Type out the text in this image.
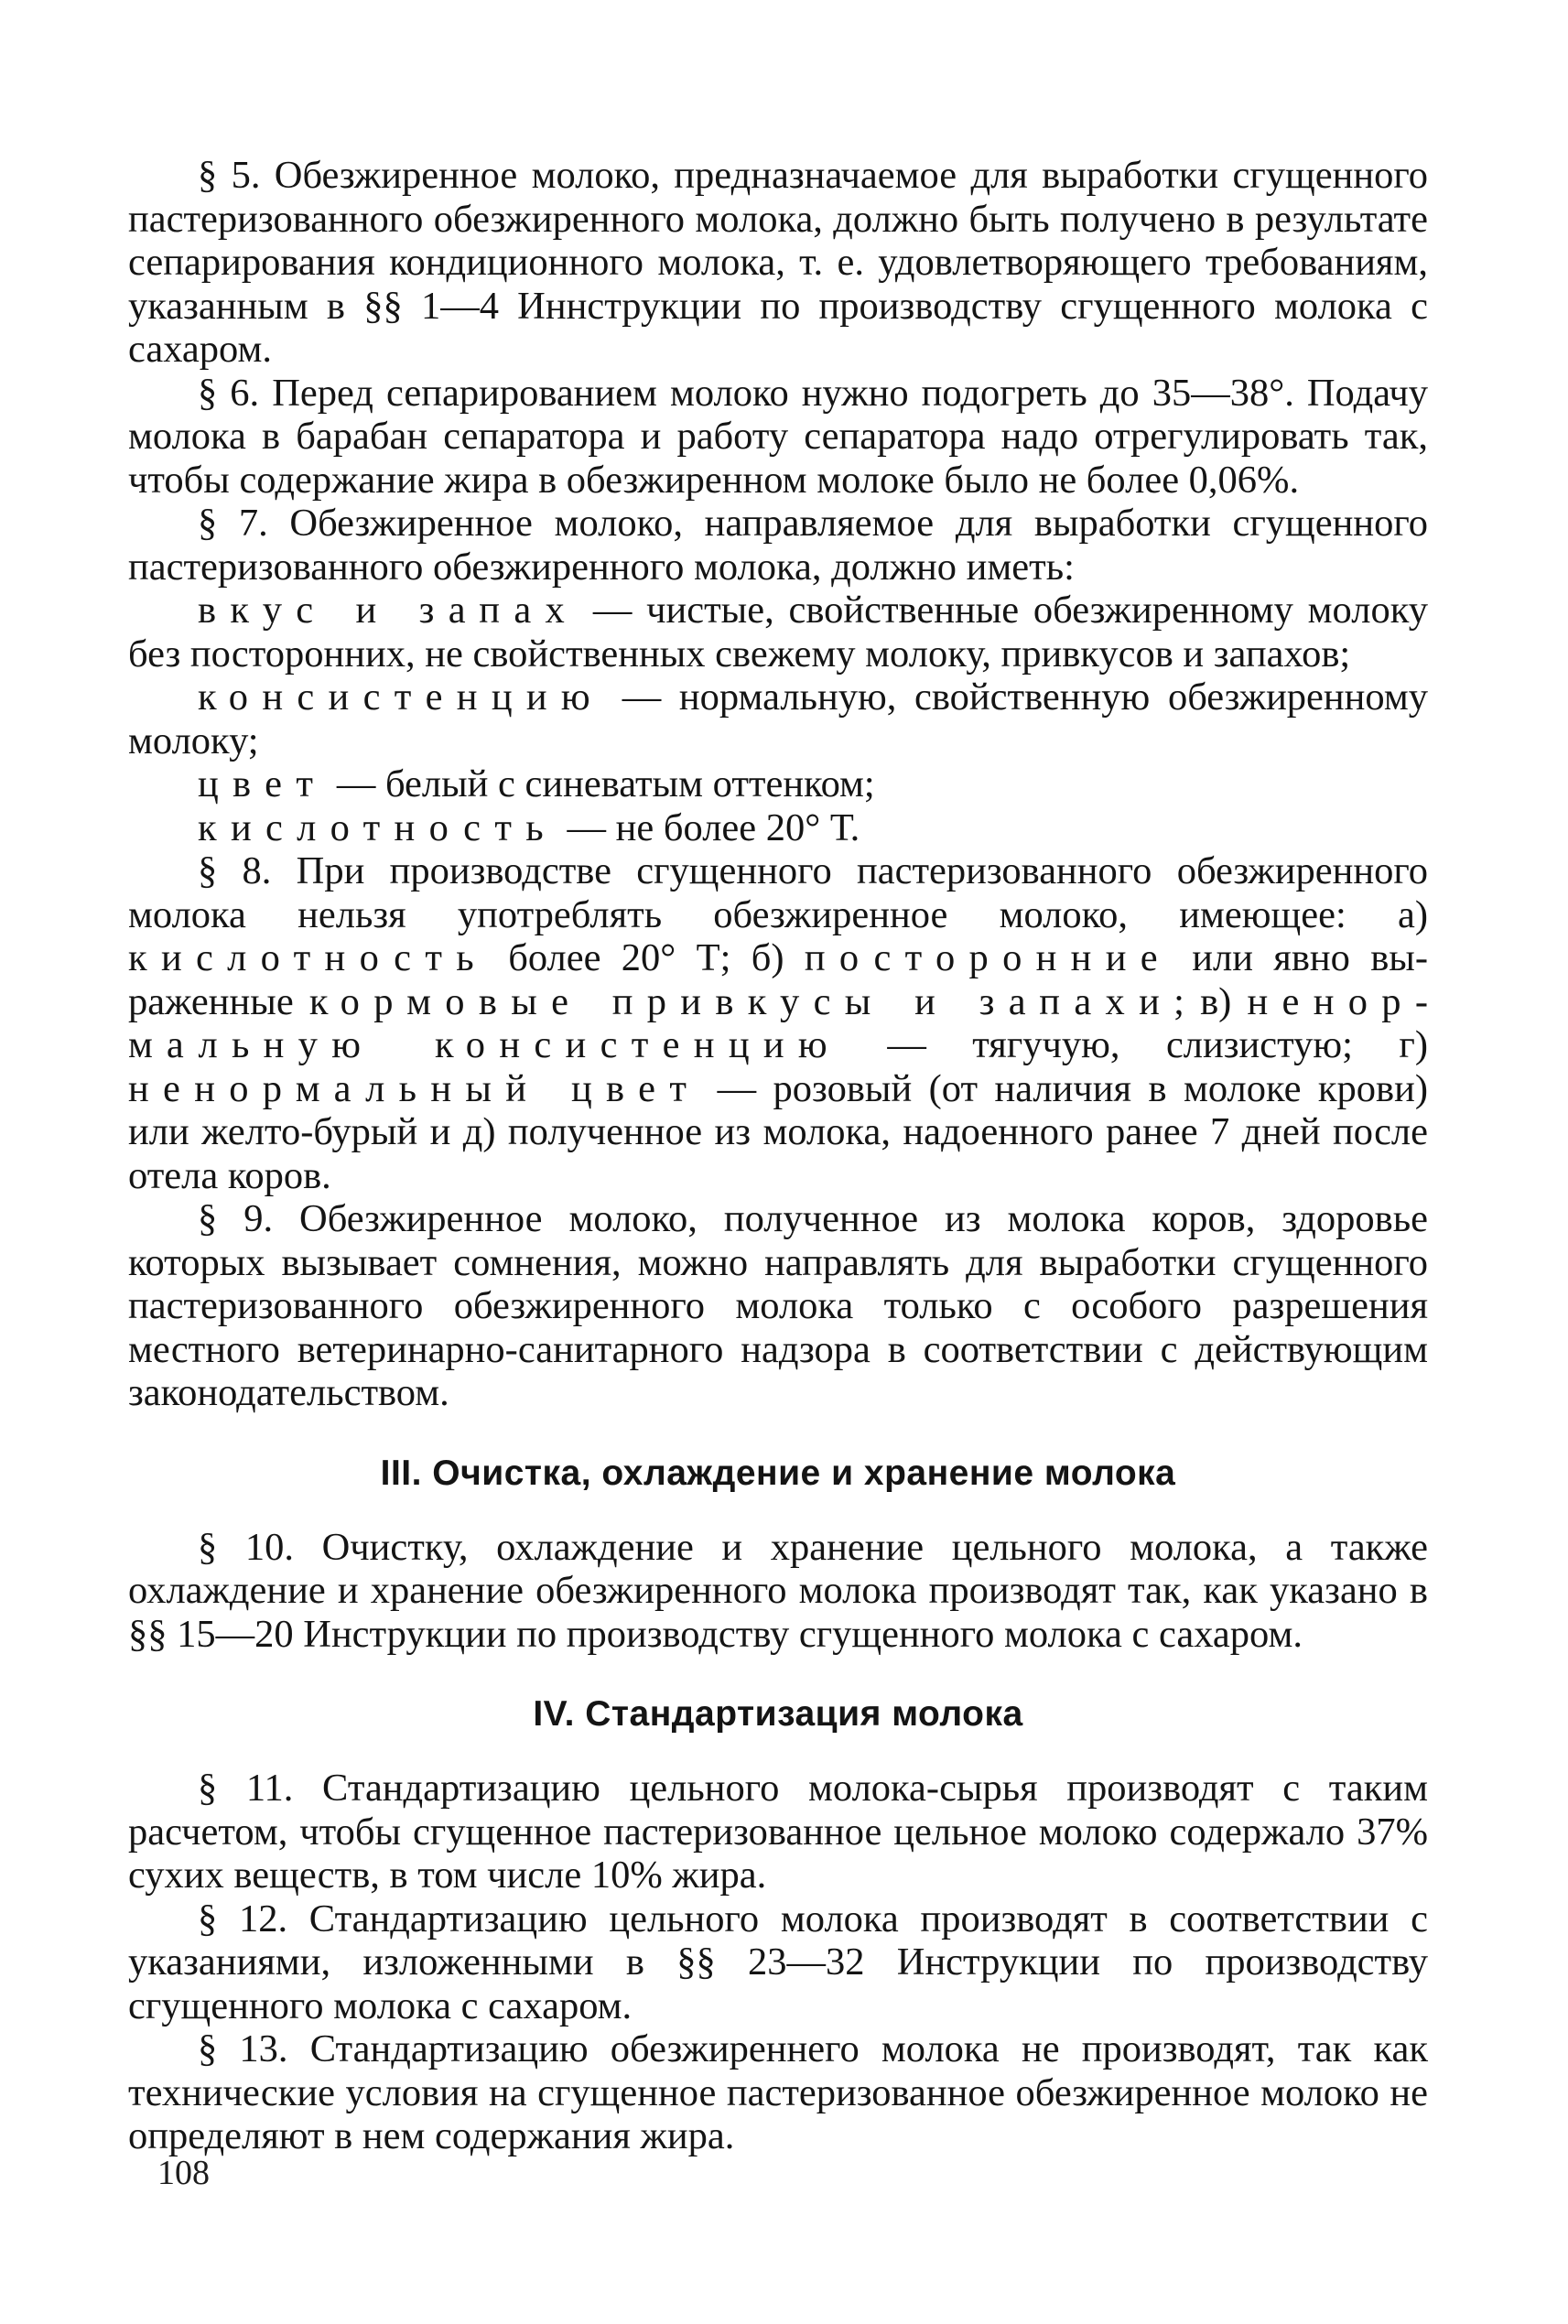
§ 5. Обезжиренное молоко, предназначаемое для выработки сгущенного пастеризованного обезжиренного молока, должно быть получено в результате сепарирования кондиционного молока, т. е. удовлетворяющего требованиям, указанным в §§ 1—4 Иннструкции по производству сгущенного молока с сахаром.

§ 6. Перед сепарированием молоко нужно подогреть до 35—38°. Подачу молока в барабан сепаратора и работу сепаратора надо отрегулировать так, чтобы содержание жира в обезжиренном молоке было не более 0,06%.

§ 7. Обезжиренное молоко, направляемое для выработки сгущенного пастеризованного обезжиренного молока, должно иметь:

вкус и запах — чистые, свойственные обезжиренному молоку без посторонних, не свойственных свежему молоку, привкусов и запахов;

консистенцию — нормальную, свойственную обезжиренному молоку;

цвет — белый с синеватым оттенком;

кислотность — не более 20° Т.

§ 8. При производстве сгущенного пастеризованного обезжиренного молока нельзя употреблять обезжиренное молоко, имеющее: а) кислотность более 20° Т; б) посторонние или явно выраженные кормовые привкусы и запахи; в) ненормальную консистенцию — тягучую, слизистую; г) ненормальный цвет — розовый (от наличия в молоке крови) или желто-бурый и д) полученное из молока, надоенного ранее 7 дней после отела коров.

§ 9. Обезжиренное молоко, полученное из молока коров, здоровье которых вызывает сомнения, можно направлять для выработки сгущенного пастеризованного обезжиренного молока только с особого разрешения местного ветеринарно-санитарного надзора в соответствии с действующим законодательством.

III. Очистка, охлаждение и хранение молока

§ 10. Очистку, охлаждение и хранение цельного молока, а также охлаждение и хранение обезжиренного молока производят так, как указано в §§ 15—20 Инструкции по производству сгущенного молока с сахаром.

IV. Стандартизация молока

§ 11. Стандартизацию цельного молока-сырья производят с таким расчетом, чтобы сгущенное пастеризованное цельное молоко содержало 37% сухих веществ, в том числе 10% жира.

§ 12. Стандартизацию цельного молока производят в соответствии с указаниями, изложенными в §§ 23—32 Инструкции по производству сгущенного молока с сахаром.

§ 13. Стандартизацию обезжиреннего молока не производят, так как технические условия на сгущенное пастеризованное обезжиренное молоко не определяют в нем содержания жира.

108
